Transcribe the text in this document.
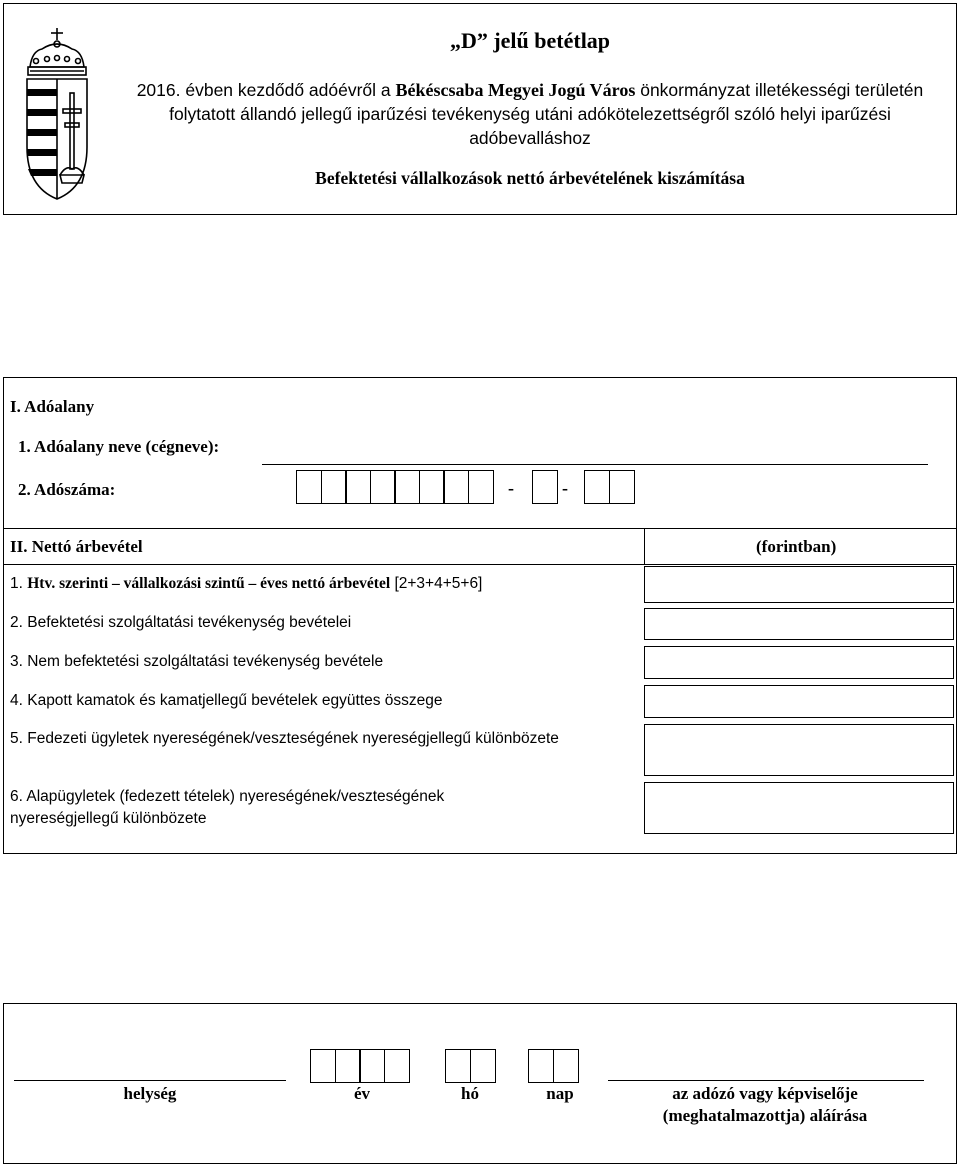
„D” jelű betétlap
2016. évben kezdődő adóévről a Békéscsaba Megyei Jogú Város önkormányzat illetékességi területén folytatott állandó jellegű iparűzési tevékenység utáni adókötelezettségről szóló helyi iparűzési adóbevalláshoz
Befektetési vállalkozások nettó árbevételének kiszámítása
I. Adóalany
1. Adóalany neve (cégneve):
2. Adószáma:	-	-
II. Nettó árbevétel	(forintban)
1. Htv. szerinti – vállalkozási szintű – éves nettó árbevétel [2+3+4+5+6]
2. Befektetési szolgáltatási tevékenység bevételei
3. Nem befektetési szolgáltatási tevékenység bevétele
4. Kapott kamatok és kamatjellegű bevételek együttes összege
5. Fedezeti ügyletek nyereségének/veszteségének nyereségjellegű különbözete
6. Alapügyletek (fedezett tételek) nyereségének/veszteségének nyereségjellegű különbözete
helység	év	hó	nap	az adózó vagy képviselője
(meghatalmazottja) aláírása
